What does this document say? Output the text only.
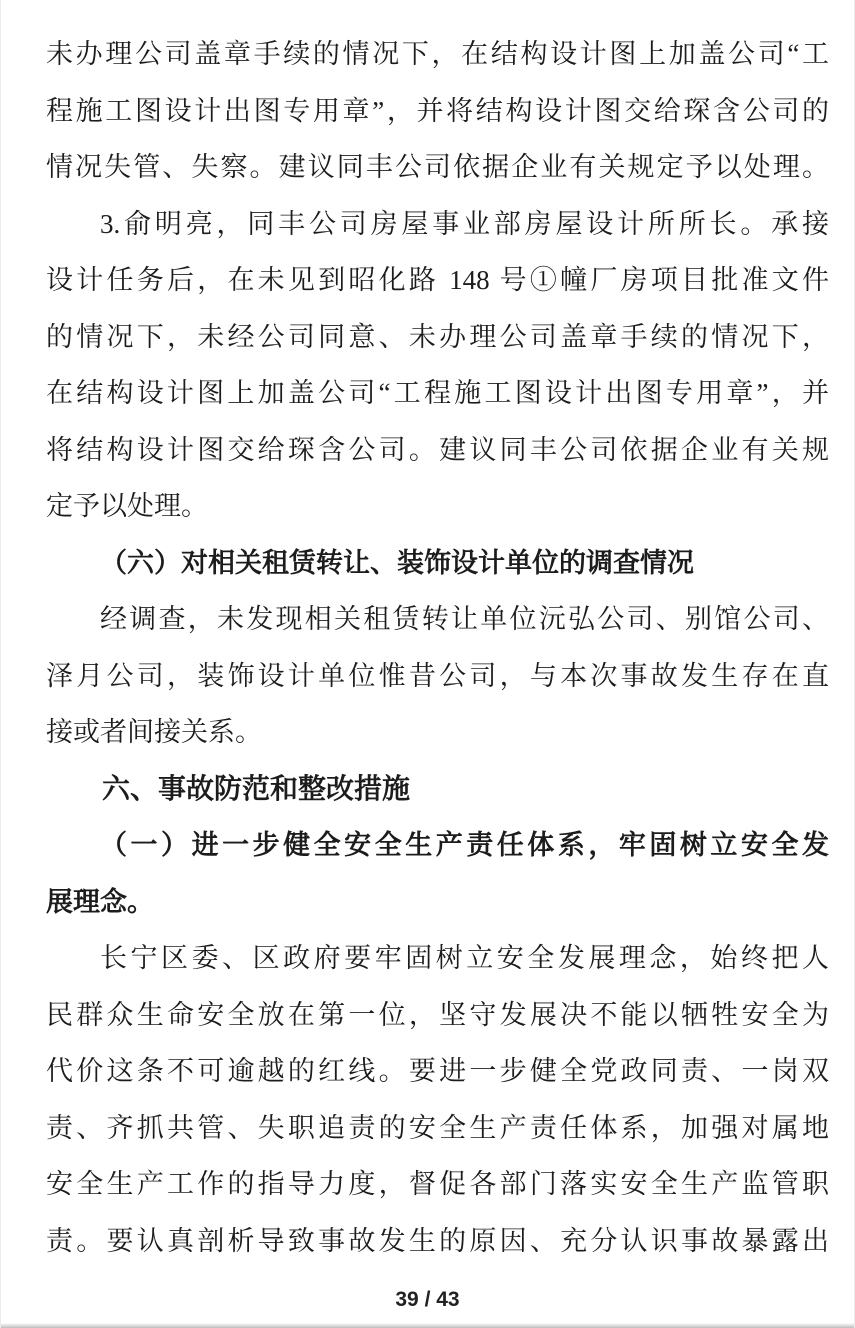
未办理公司盖章手续的情况下，在结构设计图上加盖公司“工
程施工图设计出图专用章”，并将结构设计图交给琛含公司的
情况失管、失察。建议同丰公司依据企业有关规定予以处理。
3.俞明亮，同丰公司房屋事业部房屋设计所所长。承接
设计任务后，在未见到昭化路 148 号①幢厂房项目批准文件
的情况下，未经公司同意、未办理公司盖章手续的情况下，
在结构设计图上加盖公司“工程施工图设计出图专用章”，并
将结构设计图交给琛含公司。建议同丰公司依据企业有关规
定予以处理。
（六）对相关租赁转让、装饰设计单位的调查情况
经调查，未发现相关租赁转让单位沅弘公司、别馆公司、
泽月公司，装饰设计单位惟昔公司，与本次事故发生存在直
接或者间接关系。
六、事故防范和整改措施
（一）进一步健全安全生产责任体系，牢固树立安全发
展理念。
长宁区委、区政府要牢固树立安全发展理念，始终把人
民群众生命安全放在第一位，坚守发展决不能以牺牲安全为
代价这条不可逾越的红线。要进一步健全党政同责、一岗双
责、齐抓共管、失职追责的安全生产责任体系，加强对属地
安全生产工作的指导力度，督促各部门落实安全生产监管职
责。要认真剖析导致事故发生的原因、充分认识事故暴露出
39 / 43
